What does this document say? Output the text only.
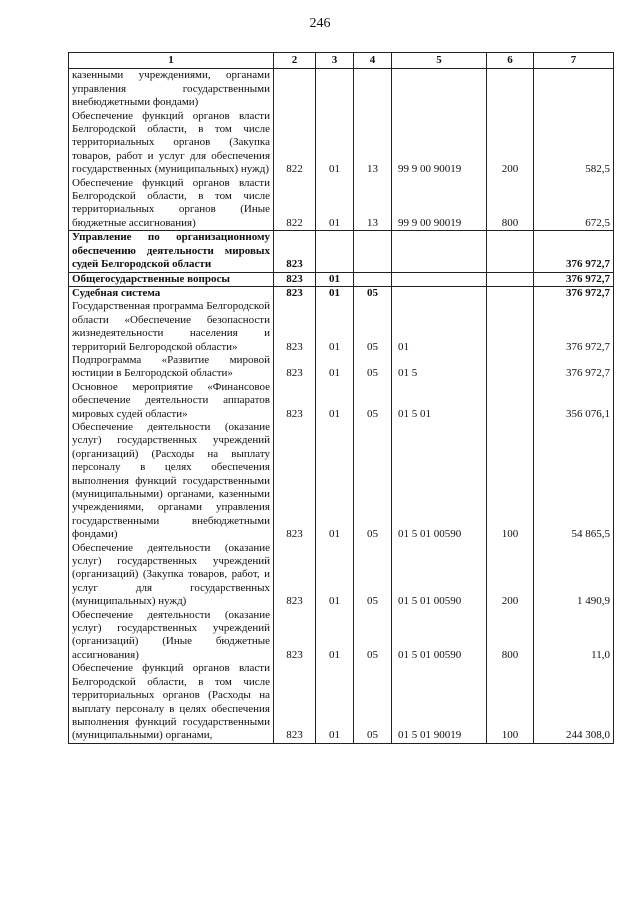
246
1	2	3	4	5	6	7
казенными учреждениями, органами управления государственными внебюджетными фондами)						
Обеспечение функций органов власти Белгородской области, в том числе территориальных органов (Закупка товаров, работ и услуг для обеспечения государственных (муниципальных) нужд)	822	01	13	99 9 00 90019	200	582,5
Обеспечение функций органов власти Белгородской области, в том числе территориальных органов (Иные бюджетные ассигнования)	822	01	13	99 9 00 90019	800	672,5
Управление по организационному обеспечению деятельности мировых судей Белгородской области	823					376 972,7
Общегосударственные вопросы	823	01				376 972,7
Судебная система	823	01	05			376 972,7
Государственная программа Белгородской области «Обеспечение безопасности жизнедеятельности населения и территорий Белгородской области»	823	01	05	01		376 972,7
Подпрограмма «Развитие мировой юстиции в Белгородской области»	823	01	05	01 5		376 972,7
Основное мероприятие «Финансовое обеспечение деятельности аппаратов мировых судей области»	823	01	05	01 5 01		356 076,1
Обеспечение деятельности (оказание услуг) государственных учреждений (организаций) (Расходы на выплату персоналу в целях обеспечения выполнения функций государственными (муниципальными) органами, казенными учреждениями, органами управления государственными внебюджетными фондами)	823	01	05	01 5 01 00590	100	54 865,5
Обеспечение деятельности (оказание услуг) государственных учреждений (организаций) (Закупка товаров, работ, и услуг для государственных (муниципальных) нужд)	823	01	05	01 5 01 00590	200	1 490,9
Обеспечение деятельности (оказание услуг) государственных учреждений (организаций) (Иные бюджетные ассигнования)	823	01	05	01 5 01 00590	800	11,0
Обеспечение функций органов власти Белгородской области, в том числе территориальных органов (Расходы на выплату персоналу в целях обеспечения выполнения функций государственными (муниципальными) органами,	823	01	05	01 5 01 90019	100	244 308,0
